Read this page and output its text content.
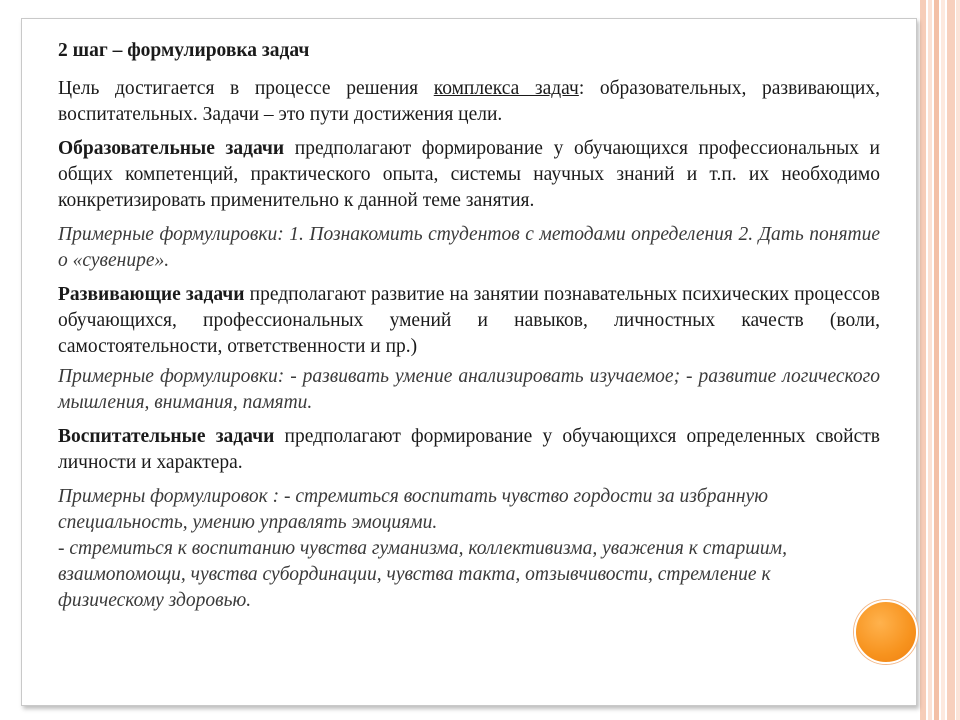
2 шаг – формулировка задач

Цель достигается в процессе решения комплекса задач: образовательных, развивающих, воспитательных. Задачи – это пути достижения цели.

Образовательные задачи предполагают формирование у обучающихся профессиональных и общих компетенций, практического опыта, системы научных знаний и т.п. их необходимо конкретизировать применительно к данной теме занятия.

Примерные формулировки: 1. Познакомить студентов с методами определения 2. Дать понятие о «сувенире».

Развивающие задачи предполагают развитие на занятии познавательных психических процессов обучающихся, профессиональных умений и навыков, личностных качеств (воли, самостоятельности, ответственности и пр.)

Примерные формулировки: - развивать умение анализировать изучаемое; - развитие логического мышления, внимания, памяти.

Воспитательные задачи предполагают формирование у обучающихся определенных свойств личности и характера.

Примерны формулировок : - стремиться воспитать чувство гордости за избранную специальность, умению управлять эмоциями.

- стремиться к воспитанию чувства гуманизма, коллективизма, уважения к старшим, взаимопомощи, чувства субординации, чувства такта, отзывчивости, стремление к физическому здоровью.
